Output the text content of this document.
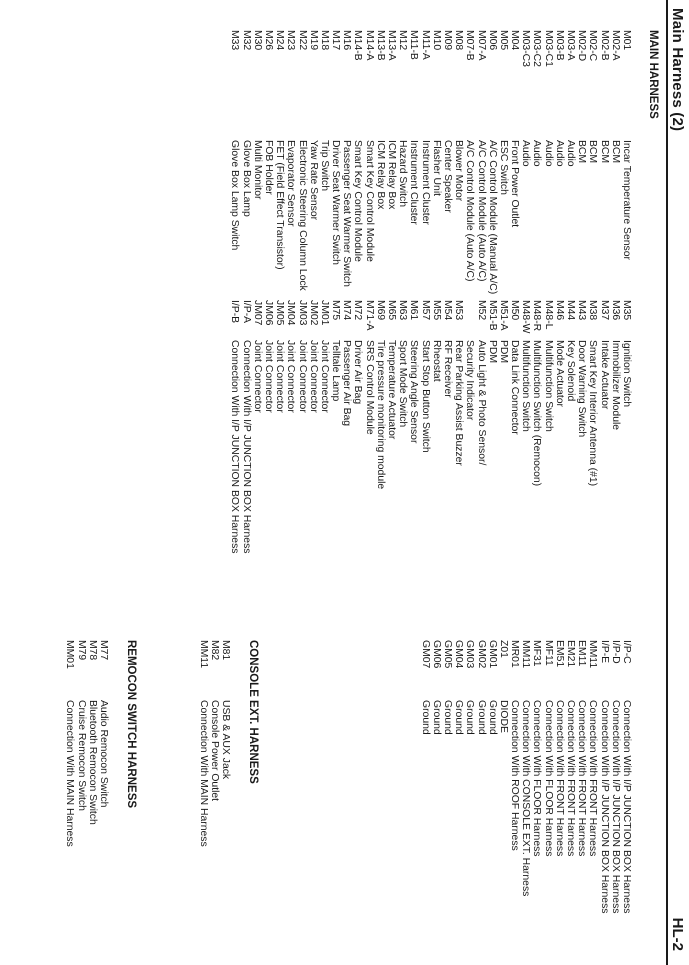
Main Harness (2)
HL-2
MAIN HARNESS
M01Incar Temperature Sensor
M02-ABCM
M02-BBCM
M02-CBCM
M02-DBCM
M03-AAudio
M03-BAudio
M03-C1Audio
M03-C2Audio
M03-C3Audio
M04Front Power Outlet
M05ESC Switch
M06A/C Control Module (Manual A/C)
M07-AA/C Control Module (Auto A/C)
M07-BA/C Control Module (Auto A/C)
M08Blower Motor
M09Center Speaker
M10Flasher Unit
M11-AInstrument Cluster
M11-BInstrument Cluster
M12Hazard Switch
M13-AICM Relay Box
M13-BICM Relay Box
M14-ASmart Key Control Module
M14-BSmart Key Control Module
M16Passenger Seat Warmer Switch
M17Driver Seat Warmer Switch
M18Trip Switch
M19Yaw Rate Sensor
M22Electronic Steering Column Lock
M23Evaporator Sensor
M24FET (Field Effect Transistor)
M26FOB Holder
M30Multi Monitor
M32Glove Box Lamp
M33Glove Box Lamp Switch
M35Ignition Switch
M36Immobilizer Module
M37Intake Actuator
M38Smart Key Interior Antenna (#1)
M43Door Warning Switch
M44Key Solenoid
M46Mode Actuator
M48-LMultifunction Switch
M48-RMultifunction Switch (Remocon)
M48-WMultifunction Switch
M50Data Link Connector
M51-APDM
M51-BPDM
M52Auto Light & Photo Sensor/
Security Indicator
M53Rear Parking Assist Buzzer
M54RF Receiver
M55Rheostat
M57Start Stop Button Switch
M61Steering Angle Sensor
M63Sport Mode Switch
M65Temperature Actuator
M69Tire pressure monitoring module
M71-ASRS Control Module
M72Driver Air Bag
M74Passenger Air Bag
M75Telltale Lamp
JM01Joint Connector
JM02Joint Connector
JM03Joint Connector
JM04Joint Connector
JM05Joint Connector
JM06Joint Connector
JM07Joint Connector
I/P-AConnection With I/P JUNCTION BOX Harness
I/P-BConnection With I/P JUNCTION BOX Harness
I/P-CConnection With I/P JUNCTION BOX Harness
I/P-DConnection With I/P JUNCTION BOX Harness
I/P-EConnection With I/P JUNCTION BOX Harness
MM11Connection With FRONT Harness
EM11Connection With FRONT Harness
EM21Connection With FRONT Harness
EM51Connection With FRONT Harness
MF11Connection With FLOOR Harness
MF31Connection With FLOOR Harness
MM11Connection With CONSOLE EXT. Harness
MR01Connection With ROOF Harness
Z01DIODE
GM01Ground
GM02Ground
GM03Ground
GM04Ground
GM05Ground
GM06Ground
GM07Ground
CONSOLE EXT. HARNESS
M81USB & AUX Jack
M82Console Power Outlet
MM11Connection With MAIN Harness
REMOCON SWITCH HARNESS
M77Audio Remocon Switch
M78Bluetooth Remocon Switch
M79Cruise Remocon Switch
MM01Connection With MAIN Harness
